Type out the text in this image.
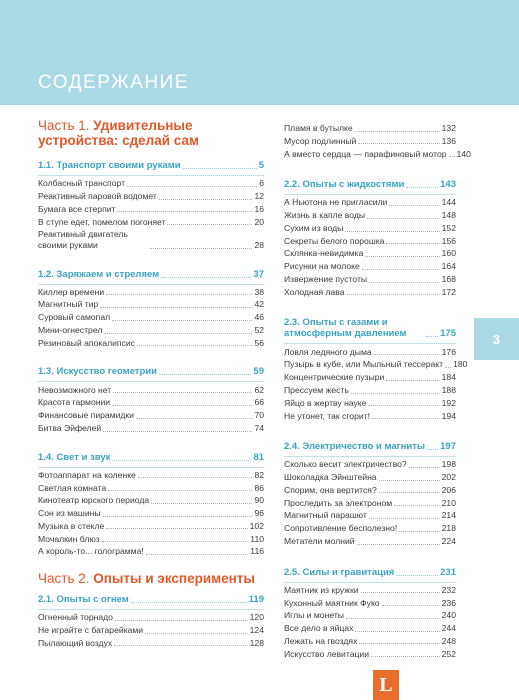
СОДЕРЖАНИЕ
Часть 1. Удивительные устройства: сделай сам
1.1. Транспорт своими руками	5
Колбасный транспорт	6
Реактивный паровой водомет	12
Бумага все стерпит	16
В ступе едет, помелом погоняет	20
Реактивный двигатель своими руками	28
1.2. Заряжаем и стреляем	37
Киллер времени	38
Магнитный тир	42
Суровый самопал	46
Мини-огнестрел	52
Резиновый апокалипсис	56
1.3. Искусство геометрии	59
Невозможного нет	62
Красота гармонии	66
Финансовые пирамидки	70
Битва Эйфелей	74
1.4. Свет и звук	81
Фотоаппарат на коленке	82
Светлая комната	86
Кинотеатр юрского периода	90
Сон из машины	96
Музыка в стекле	102
Мочалкин блюз	110
А король-то... голограмма!	116
Часть 2. Опыты и эксперименты
2.1. Опыты с огнем	119
Огненный торнадо	120
Не играйте с батарейками	124
Пылающий воздух	128
Пламя в бутылке	132
Мусор подлинный	136
А вместо сердца — парафиновый мотор 140
2.2. Опыты с жидкостями	143
А Ньютона не пригласили	144
Жизнь в капле воды	148
Сухим из воды	152
Секреты белого порошка	156
Склянка-невидимка	160
Рисунки на молоке	164
Извержение пустоты	168
Холодная лава	172
2.3. Опыты с газами и атмосферным давлением	175
Ловля ледяного дыма	176
Пузырь в кубе, или Мыльный тессеракт 180
Концентрические пузыри	184
Прессуем жесть	188
Яйцо в жертву науке	192
Не утонет, так сгорит!	194
2.4. Электричество и магниты 197
Сколько весит электричество?	198
Шоколадка Эйнштейна	202
Спорим, она вертится?	206
Проследить за электроном	210
Магнитный парашют	214
Сопротивление бесполезно!	218
Метатели молний	224
2.5. Силы и гравитация	231
Маятник из кружки	232
Кухонный маятник Фуко	236
Иглы и монеты	240
Все дело в яйцах	244
Лежать на гвоздях	248
Искусство левитации	252
3
L
